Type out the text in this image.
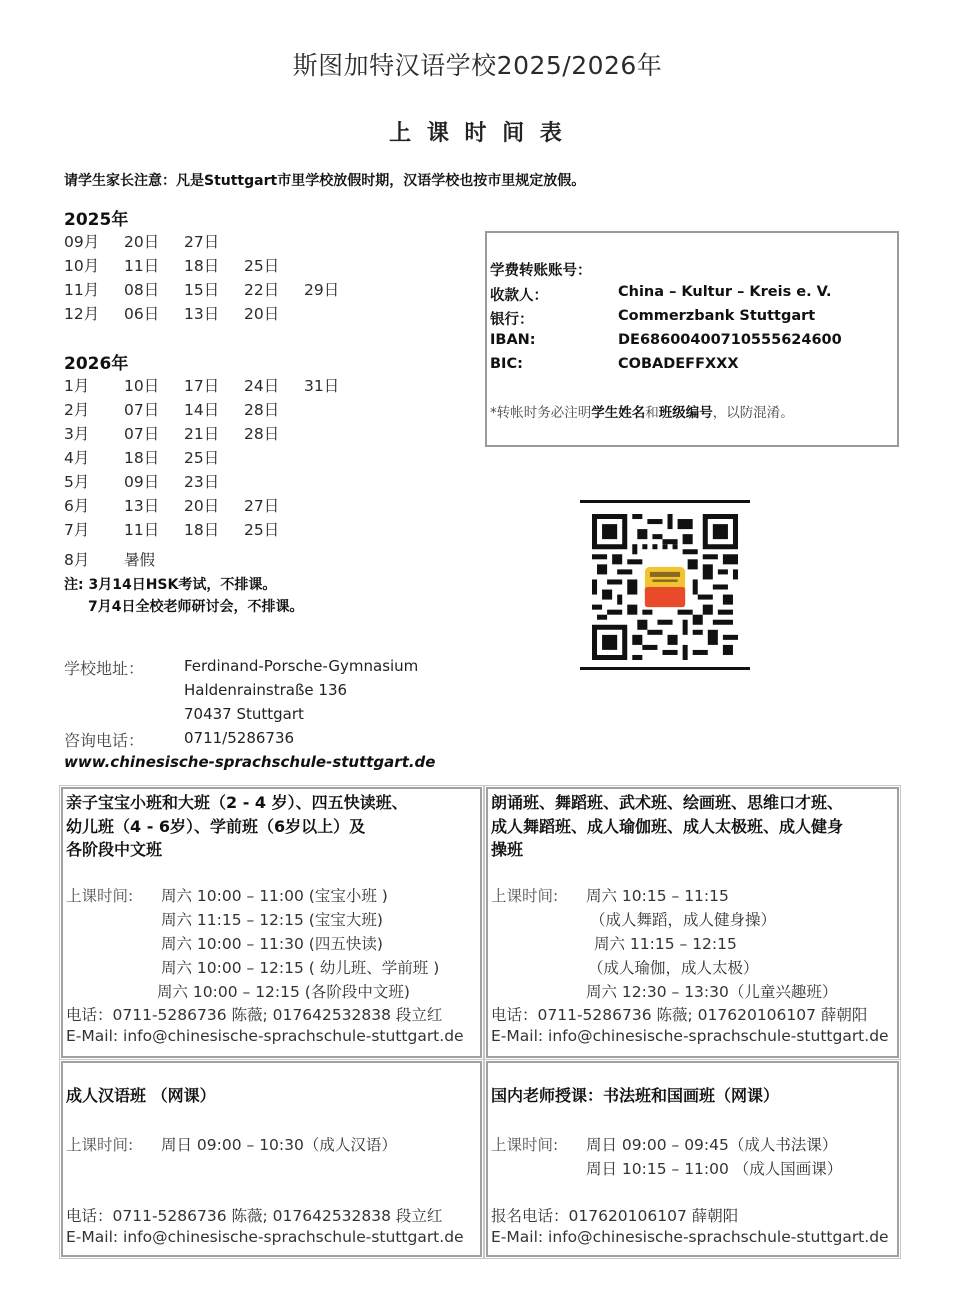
斯图加特汉语学校2025/2026年
上 课 时 间 表
请学生家长注意：凡是Stuttgart市里学校放假时期，汉语学校也按市里规定放假。
2025年
09月 20日 27日
10月 11日 18日 25日
11月 08日 15日 22日 29日
12月 06日 13日 20日
2026年
1月 10日 17日 24日 31日
2月 07日 14日 28日
3月 07日 21日 28日
4月 18日 25日
5月 09日 23日
6月 13日 20日 27日
7月 11日 18日 25日
8月 暑假
注: 3月14日HSK考试，不排课。
7月4日全校老师研讨会，不排课。
学费转账账号：
收款人：	China – Kultur – Kreis e. V.
银行：	Commerzbank Stuttgart
IBAN:	DE68600400710555624600
BIC:	COBADEFFXXX
*转帐时务必注明学生姓名和班级编号，以防混淆。
学校地址：	Ferdinand-Porsche-Gymnasium
Haldenrainstraße 136
70437 Stuttgart
咨询电话：	0711/5286736
www.chinesische-sprachschule-stuttgart.de
亲子宝宝小班和大班（2 - 4 岁）、四五快读班、
幼儿班（4 - 6岁）、学前班（6岁以上）及
各阶段中文班
上课时间: 周六 10:00 – 11:00 (宝宝小班 )
周六 11:15 – 12:15 (宝宝大班)
周六 10:00 – 11:30 (四五快读)
周六 10:00 – 12:15 ( 幼儿班、学前班 )
周六 10:00 – 12:15 (各阶段中文班)
电话：0711-5286736 陈薇; 017642532838 段立红
E-Mail: info@chinesische-sprachschule-stuttgart.de
朗诵班、舞蹈班、武术班、绘画班、思维口才班、
成人舞蹈班、成人瑜伽班、成人太极班、成人健身
操班
上课时间: 周六 10:15 – 11:15
（成人舞蹈，成人健身操）
周六 11:15 – 12:15
（成人瑜伽，成人太极）
周六 12:30 – 13:30（儿童兴趣班）
电话：0711-5286736 陈薇; 017620106107 薛朝阳
E-Mail: info@chinesische-sprachschule-stuttgart.de
成人汉语班 （网课）
上课时间: 周日 09:00 – 10:30（成人汉语）
电话：0711-5286736 陈薇; 017642532838 段立红
E-Mail: info@chinesische-sprachschule-stuttgart.de
国内老师授课：书法班和国画班（网课）
上课时间: 周日 09:00 – 09:45（成人书法课）
周日 10:15 – 11:00 （成人国画课）
报名电话：017620106107 薛朝阳
E-Mail: info@chinesische-sprachschule-stuttgart.de
